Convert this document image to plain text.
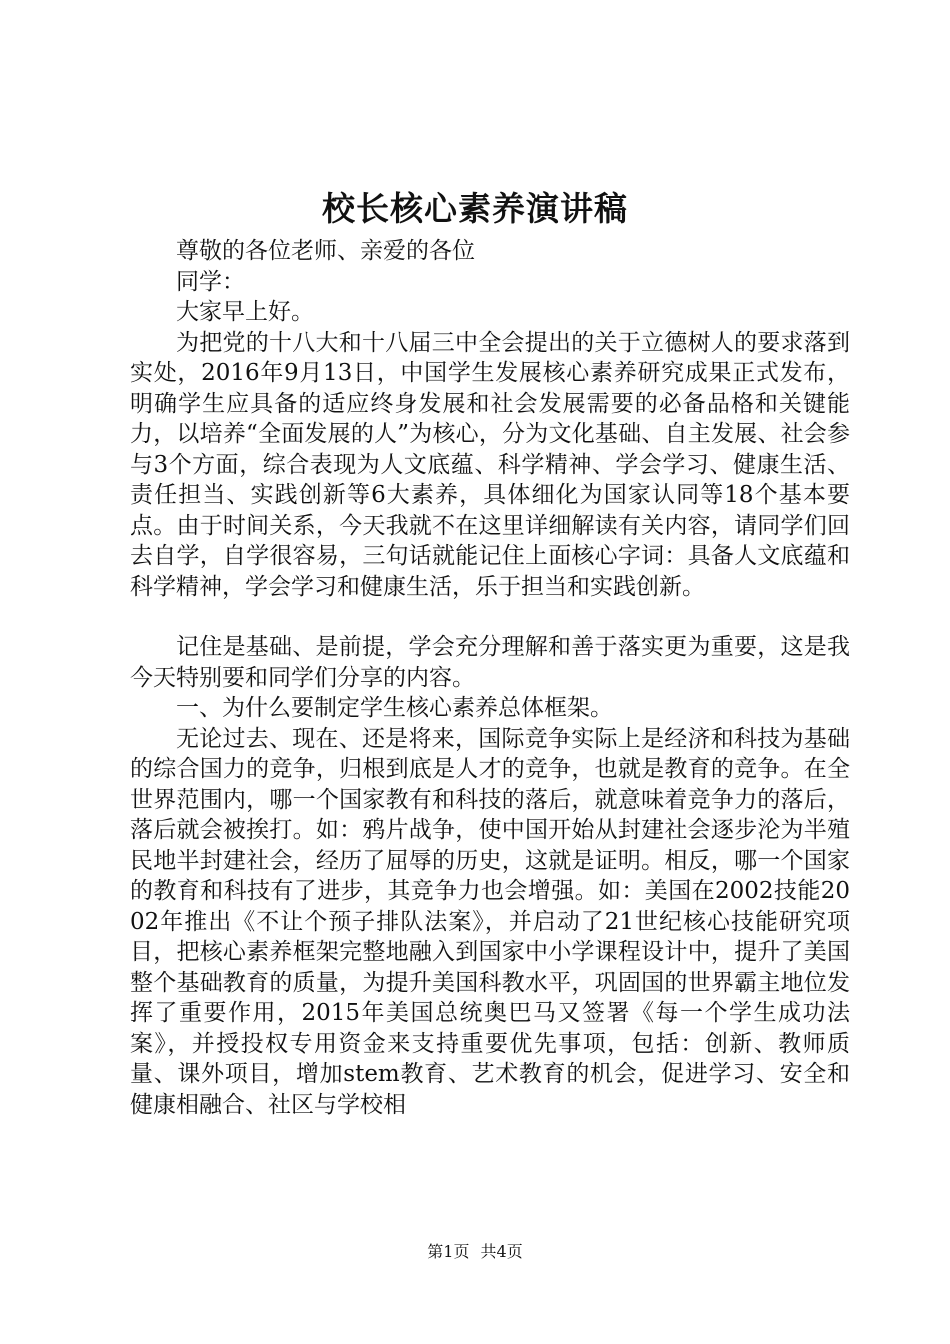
校长核心素养演讲稿

尊敬的各位老师、亲爱的各位

同学：

大家早上好。

为把党的十八大和十八届三中全会提出的关于立德树人的要求落到实处，2016年9月13日，中国学生发展核心素养研究成果正式发布，明确学生应具备的适应终身发展和社会发展需要的必备品格和关键能力，以培养“全面发展的人”为核心，分为文化基础、自主发展、社会参与3个方面，综合表现为人文底蕴、科学精神、学会学习、健康生活、责任担当、实践创新等6大素养，具体细化为国家认同等18个基本要点。由于时间关系，今天我就不在这里详细解读有关内容，请同学们回去自学，自学很容易，三句话就能记住上面核心字词：具备人文底蕴和科学精神，学会学习和健康生活，乐于担当和实践创新。

记住是基础、是前提，学会充分理解和善于落实更为重要，这是我今天特别要和同学们分享的内容。

一、为什么要制定学生核心素养总体框架。

无论过去、现在、还是将来，国际竞争实际上是经济和科技为基础的综合国力的竞争，归根到底是人才的竞争，也就是教育的竞争。在全世界范围内，哪一个国家教有和科技的落后，就意味着竞争力的落后，落后就会被挨打。如：鸦片战争，使中国开始从封建社会逐步沦为半殖民地半封建社会，经历了屈辱的历史，这就是证明。相反，哪一个国家的教育和科技有了进步，其竞争力也会增强。如：美国在2002技能2002年推出《不让个预子排队法案》，并启动了21世纪核心技能研究项目，把核心素养框架完整地融入到国家中小学课程设计中，提升了美国整个基础教育的质量，为提升美国科教水平，巩固国的世界霸主地位发挥了重要作用，2015年美国总统奥巴马又签署《每一个学生成功法案》，并授投权专用资金来支持重要优先事项，包括：创新、教师质量、课外项目，增加stem教育、艺术教育的机会，促进学习、安全和健康相融合、社区与学校相

第1页 共4页
